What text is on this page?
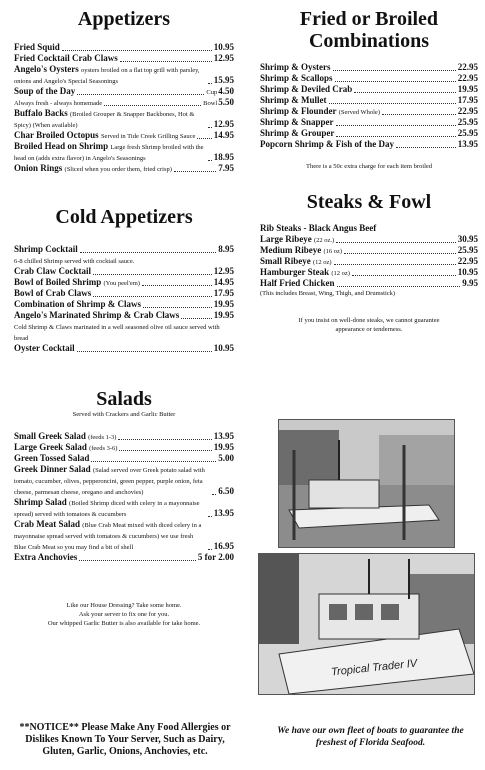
Appetizers
Fried Squid	10.95
Fried Cocktail Crab Claws	12.95
Angelo's Oysters oysters broiled on a flat top grill with parsley, onions and Angelo's Special Seasonings	15.95
Soup of the Day	Cup 4.50
Always fresh - always homemade	Bowl 5.50
Buffalo Backs (Broiled Grouper & Snapper Backbones, Hot & Spicy) (When available)	12.95
Char Broiled Octopus Served in Tide Creek Grilling Sauce 14.95
Broiled Head on Shrimp Large fresh Shrimp broiled with the head on (adds extra flavor) in Angelo's Seasonings	18.95
Onion Rings (Sliced when you order them, fried crisp)	7.95
Cold Appetizers
Shrimp Cocktail	8.95
6-8 chilled Shrimp served with cocktail sauce.
Crab Claw Cocktail	12.95
Bowl of Boiled Shrimp (You peel'em)	14.95
Bowl of Crab Claws	17.95
Combination of Shrimp & Claws	19.95
Angelo's Marinated Shrimp & Crab Claws	19.95
Cold Shrimp & Claws marinated in a well seasoned olive oil sauce served with bread
Oyster Cocktail	10.95
Salads
Served with Crackers and Garlic Butter
Small Greek Salad (feeds 1-3)	13.95
Large Greek Salad (feeds 3-6)	19.95
Green Tossed Salad	5.00
Greek Dinner Salad (Salad served over Greek potato salad with tomato, cucumber, olives, pepperoncini, green pepper, purple onion, feta cheese, parmesan cheese, oregano and anchovies)	6.50
Shrimp Salad (Boiled Shrimp diced with celery in a mayonnaise spread) served with tomatoes & cucumbers	13.95
Crab Meat Salad (Blue Crab Meat mixed with diced celery in a mayonnaise spread served with tomatoes & cucumbers) we use fresh Blue Crab Meat so you may find a bit of shell	16.95
Extra Anchovies	5 for 2.00
Like our House Dressing? Take some home.
Ask your server to fix one for you.
Our whipped Garlic Butter is also available for take home.
**NOTICE** Please Make Any Food Allergies or Dislikes Known To Your Server, Such as Dairy, Gluten, Garlic, Onions, Anchovies, etc.
Fried or Broiled
Combinations
Shrimp & Oysters	22.95
Shrimp & Scallops	22.95
Shrimp & Deviled Crab	19.95
Shrimp & Mullet	17.95
Shrimp & Flounder (Served Whole)	22.95
Shrimp & Snapper	25.95
Shrimp & Grouper	25.95
Popcorn Shrimp & Fish of the Day	13.95
There is a 50c extra charge for each item broiled
Steaks & Fowl
Rib Steaks - Black Angus Beef
Large Ribeye (22 oz.)	30.95
Medium Ribeye (16 oz)	25.95
Small Ribeye (12 oz)	22.95
Hamburger Steak (12 oz)	10.95
Half Fried Chicken	9.95
(This includes Breast, Wing, Thigh, and Drumstick)
If you insist on well-done steaks, we cannot guarantee
appearance or tenderness.
Tropical Trader IV
We have our own fleet of boats to guarantee the freshest of Florida Seafood.
